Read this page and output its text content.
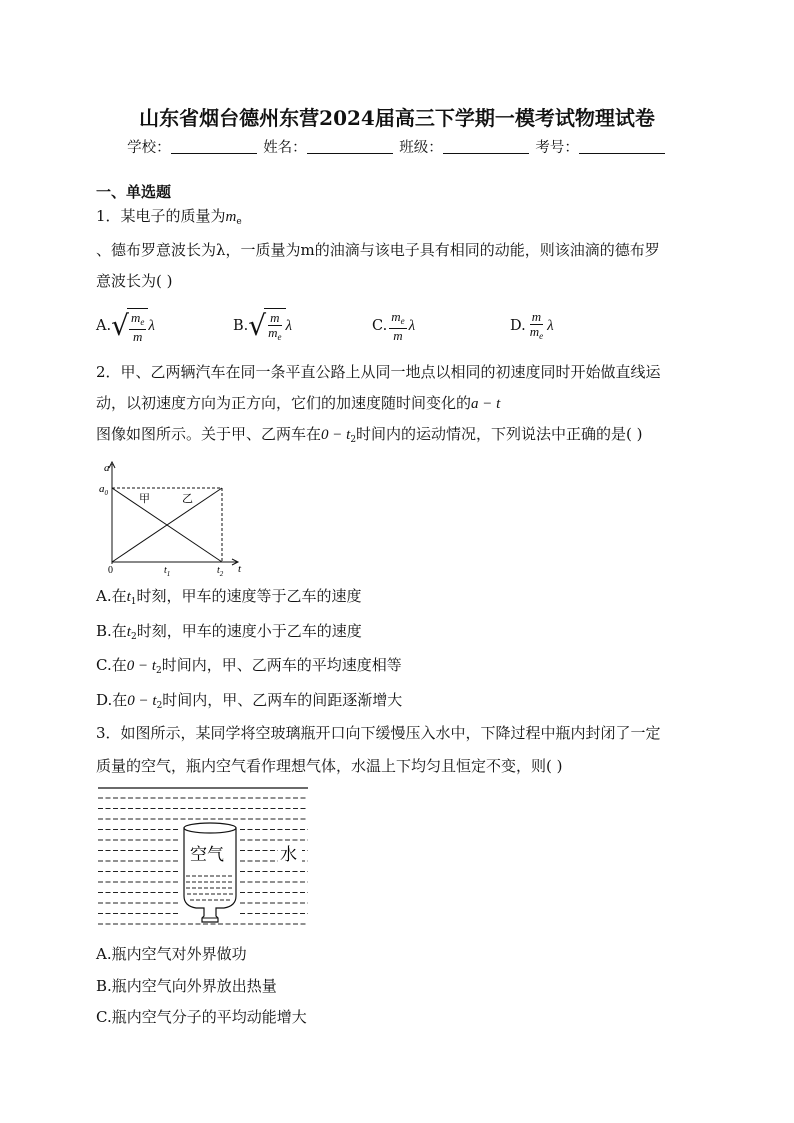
山东省烟台德州东营2024届高三下学期一模考试物理试卷
学校：	姓名：	班级：	考号：
一、单选题
1．某电子的质量为$m_e$
、德布罗意波长为λ，一质量为m的油滴与该电子具有相同的动能，则该油滴的德布罗
意波长为( )
A. √ $\frac{m_e}{m}$ λ	B. √ $\frac{m}{m_e}$ λ	C. $\frac{m_e}{m}$ λ	D. $\frac{m}{m_e}$ λ
2．甲、乙两辆汽车在同一条平直公路上从同一地点以相同的初速度同时开始做直线运
动，以初速度方向为正方向，它们的加速度随时间变化的a − t
图像如图所示。关于甲、乙两车在$0 - t_2$时间内的运动情况，下列说法中正确的是( )
a
$a_0$
0	$t_1$	$t_2$ t
甲	乙
A.在$t_1$时刻，甲车的速度等于乙车的速度
B.在$t_2$时刻，甲车的速度小于乙车的速度
C.在$0 - t_2$时间内，甲、乙两车的平均速度相等
D.在$0 - t_2$时间内，甲、乙两车的间距逐渐增大
3．如图所示，某同学将空玻璃瓶开口向下缓慢压入水中，下降过程中瓶内封闭了一定
质量的空气，瓶内空气看作理想气体，水温上下均匀且恒定不变，则( )
空气	水
A.瓶内空气对外界做功
B.瓶内空气向外界放出热量
C.瓶内空气分子的平均动能增大
